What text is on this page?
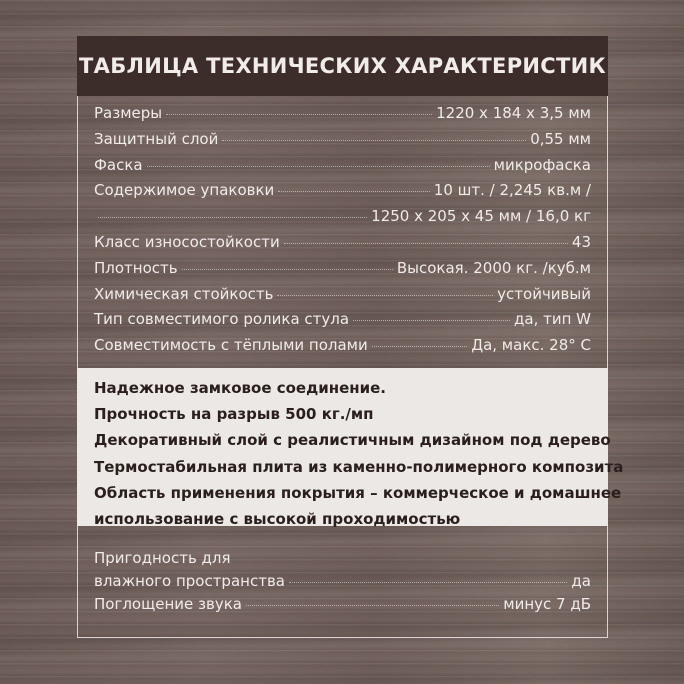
ТАБЛИЦА ТЕХНИЧЕСКИХ ХАРАКТЕРИСТИК
Размеры	1220 х 184 х 3,5 мм
Защитный слой	0,55 мм
Фаска	микрофаска
Содержимое упаковки	10 шт. / 2,245 кв.м /
1250 х 205 х 45 мм / 16,0 кг
Класс износостойкости	43
Плотность	Высокая. 2000 кг. /куб.м
Химическая стойкость	устойчивый
Тип совместимого ролика стула	да, тип W
Совместимость с тёплыми полами	Да, макс. 28° С
Надежное замковое соединение.
Прочность на разрыв 500 кг./мп
Декоративный слой с реалистичным дизайном под дерево
Термостабильная плита из каменно-полимерного композита
Область применения покрытия – коммерческое и домашнее
использование с высокой проходимостью
Пригодность для
влажного пространства	да
Поглощение звука	минус 7 дБ
